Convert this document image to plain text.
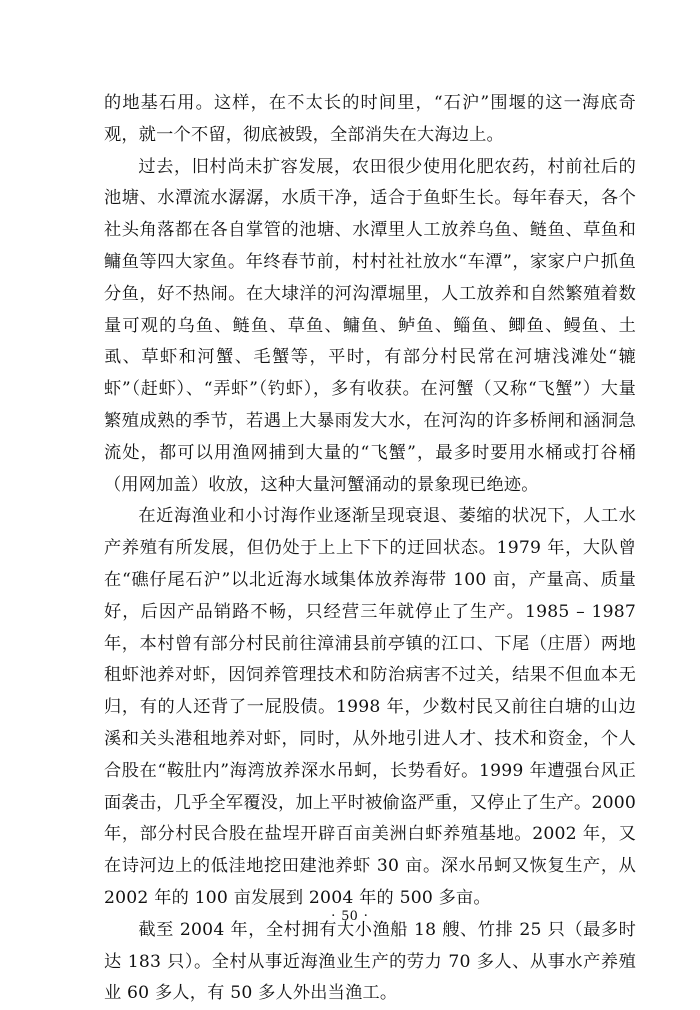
的地基石用。这样，在不太长的时间里，“石沪”围堰的这一海底奇观，就一个不留，彻底被毁，全部消失在大海边上。

过去，旧村尚未扩容发展，农田很少使用化肥农药，村前社后的池塘、水潭流水潺潺，水质干净，适合于鱼虾生长。每年春天，各个社头角落都在各自掌管的池塘、水潭里人工放养乌鱼、鲢鱼、草鱼和鳙鱼等四大家鱼。年终春节前，村村社社放水“车潭”，家家户户抓鱼分鱼，好不热闹。在大埭洋的河沟潭堀里，人工放养和自然繁殖着数量可观的乌鱼、鲢鱼、草鱼、鳙鱼、鲈鱼、鲻鱼、鲫鱼、鳗鱼、土虱、草虾和河蟹、毛蟹等，平时，有部分村民常在河塘浅滩处“辘虾”（赶虾）、“弄虾”（钓虾），多有收获。在河蟹（又称“飞蟹”）大量繁殖成熟的季节，若遇上大暴雨发大水，在河沟的许多桥闸和涵洞急流处，都可以用渔网捕到大量的“飞蟹”，最多时要用水桶或打谷桶（用网加盖）收放，这种大量河蟹涌动的景象现已绝迹。

在近海渔业和小讨海作业逐渐呈现衰退、萎缩的状况下，人工水产养殖有所发展，但仍处于上上下下的迂回状态。1979 年，大队曾在“礁仔尾石沪”以北近海水域集体放养海带 100 亩，产量高、质量好，后因产品销路不畅，只经营三年就停止了生产。1985 – 1987 年，本村曾有部分村民前往漳浦县前亭镇的江口、下尾（庄厝）两地租虾池养对虾，因饲养管理技术和防治病害不过关，结果不但血本无归，有的人还背了一屁股债。1998 年，少数村民又前往白塘的山边溪和关头港租地养对虾，同时，从外地引进人才、技术和资金，个人合股在“鞍肚内”海湾放养深水吊蚵，长势看好。1999 年遭强台风正面袭击，几乎全军覆没，加上平时被偷盗严重，又停止了生产。2000 年，部分村民合股在盐埕开辟百亩美洲白虾养殖基地。2002 年，又在诗河边上的低洼地挖田建池养虾 30 亩。深水吊蚵又恢复生产，从 2002 年的 100 亩发展到 2004 年的 500 多亩。

截至 2004 年，全村拥有大小渔船 18 艘、竹排 25 只（最多时达 183 只）。全村从事近海渔业生产的劳力 70 多人、从事水产养殖业 60 多人，有 50 多人外出当渔工。

· 50 ·
